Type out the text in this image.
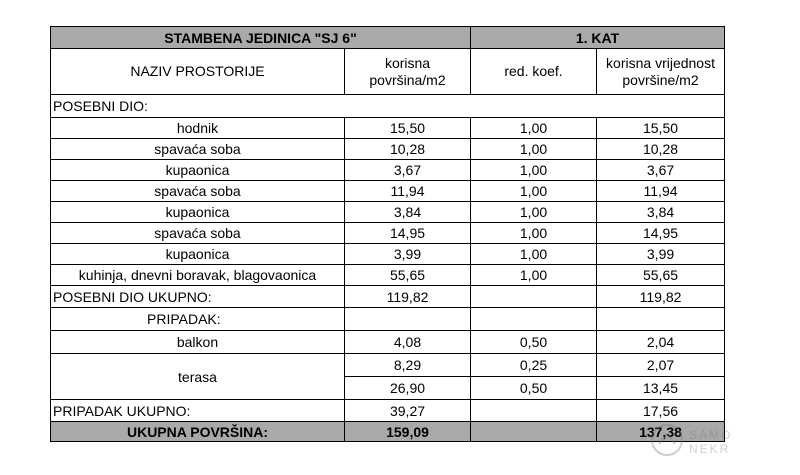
STAMBENA JEDINICA "SJ 6"		1. KAT	
NAZIV PROSTORIJE	korisna površina/m2	red. koef.	korisna vrijednost površine/m2
POSEBNI DIO:			
hodnik	15,50	1,00	15,50
spavaća soba	10,28	1,00	10,28
kupaonica	3,67	1,00	3,67
spavaća soba	11,94	1,00	11,94
kupaonica	3,84	1,00	3,84
spavaća soba	14,95	1,00	14,95
kupaonica	3,99	1,00	3,99
kuhinja, dnevni boravak, blagovaonica	55,65	1,00	55,65
POSEBNI DIO UKUPNO:	119,82		119,82
PRIPADAK:			
balkon	4,08	0,50	2,04
terasa	8,29	0,25	2,07
	26,90	0,50	13,45
PRIPADAK UKUPNO:	39,27		17,56
UKUPNA POVRŠINA:	159,09		137,38 SAMO
NEKR
